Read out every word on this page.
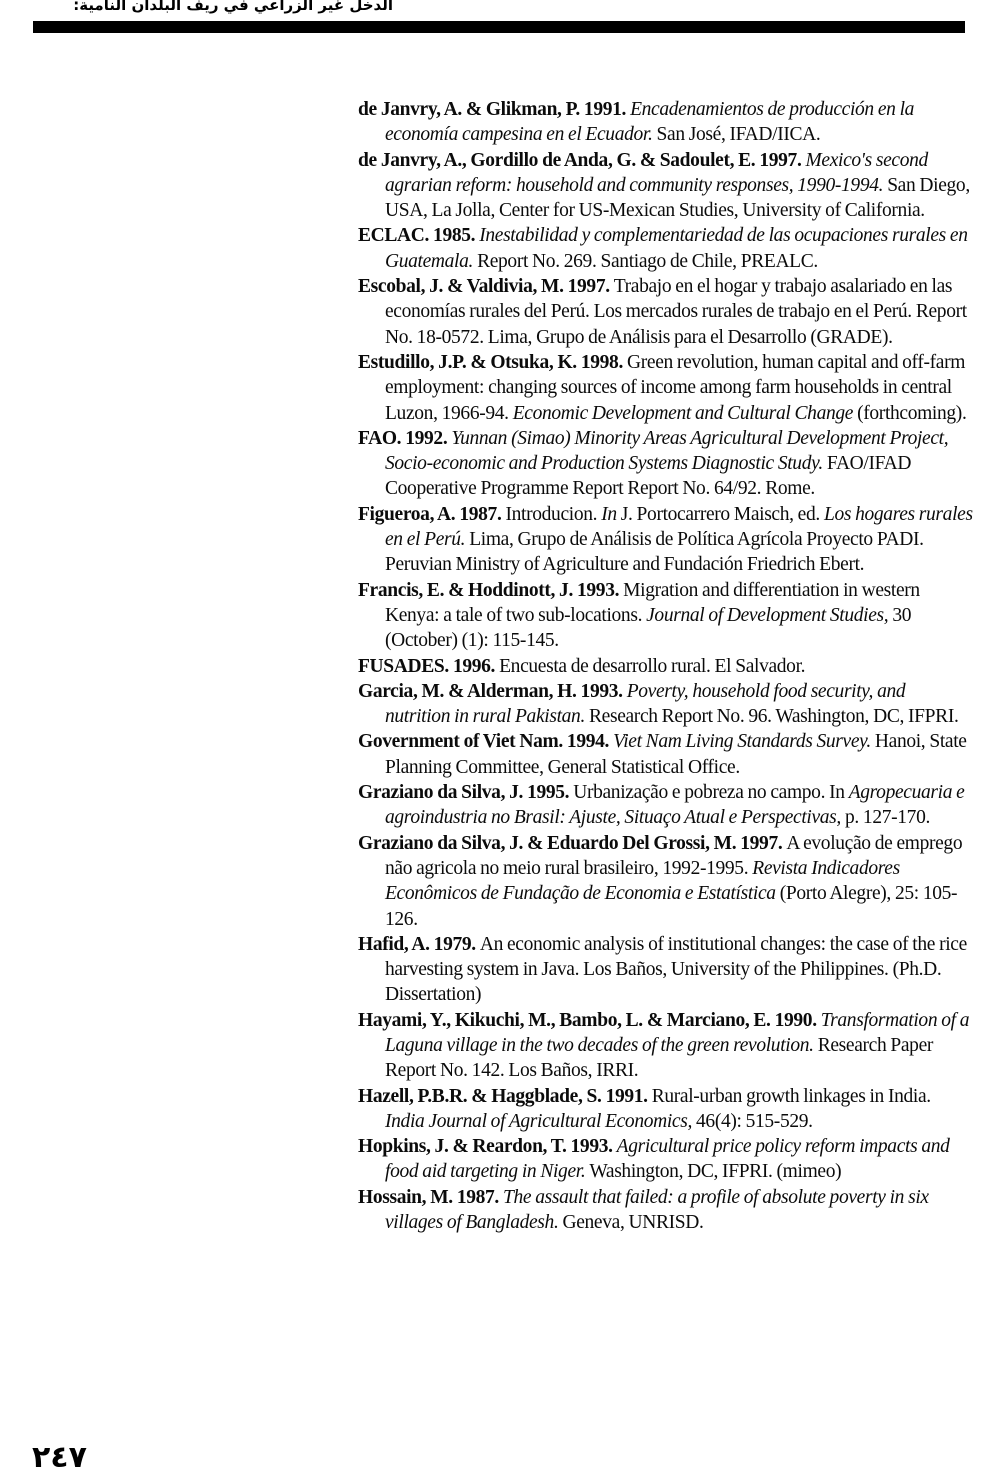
الدخل غير الزراعي في ريف البلدان النامية:

de Janvry, A. & Glikman, P. 1991. Encadenamientos de producción en la economía campesina en el Ecuador. San José, IFAD/IICA.

de Janvry, A., Gordillo de Anda, G. & Sadoulet, E. 1997. Mexico's second agrarian reform: household and community responses, 1990-1994. San Diego, USA, La Jolla, Center for US-Mexican Studies, University of California.

ECLAC. 1985. Inestabilidad y complementariedad de las ocupaciones rurales en Guatemala. Report No. 269. Santiago de Chile, PREALC.

Escobal, J. & Valdivia, M. 1997. Trabajo en el hogar y trabajo asalariado en las economías rurales del Perú. Los mercados rurales de trabajo en el Perú. Report No. 18-0572. Lima, Grupo de Análisis para el Desarrollo (GRADE).

Estudillo, J.P. & Otsuka, K. 1998. Green revolution, human capital and off-farm employment: changing sources of income among farm households in central Luzon, 1966-94. Economic Development and Cultural Change (forthcoming).

FAO. 1992. Yunnan (Simao) Minority Areas Agricultural Development Project, Socio-economic and Production Systems Diagnostic Study. FAO/IFAD Cooperative Programme Report Report No. 64/92. Rome.

Figueroa, A. 1987. Introducion. In J. Portocarrero Maisch, ed. Los hogares rurales en el Perú. Lima, Grupo de Análisis de Política Agrícola Proyecto PADI. Peruvian Ministry of Agriculture and Fundación Friedrich Ebert.

Francis, E. & Hoddinott, J. 1993. Migration and differentiation in western Kenya: a tale of two sub-locations. Journal of Development Studies, 30 (October) (1): 115-145.

FUSADES. 1996. Encuesta de desarrollo rural. El Salvador.

Garcia, M. & Alderman, H. 1993. Poverty, household food security, and nutrition in rural Pakistan. Research Report No. 96. Washington, DC, IFPRI.

Government of Viet Nam. 1994. Viet Nam Living Standards Survey. Hanoi, State Planning Committee, General Statistical Office.

Graziano da Silva, J. 1995. Urbanização e pobreza no campo. In Agropecuaria e agroindustria no Brasil: Ajuste, Situaço Atual e Perspectivas, p. 127-170.

Graziano da Silva, J. & Eduardo Del Grossi, M. 1997. A evolução de emprego não agricola no meio rural brasileiro, 1992-1995. Revista Indicadores Econômicos de Fundação de Economia e Estatística (Porto Alegre), 25: 105-126.

Hafid, A. 1979. An economic analysis of institutional changes: the case of the rice harvesting system in Java. Los Baños, University of the Philippines. (Ph.D. Dissertation)

Hayami, Y., Kikuchi, M., Bambo, L. & Marciano, E. 1990. Transformation of a Laguna village in the two decades of the green revolution. Research Paper Report No. 142. Los Baños, IRRI.

Hazell, P.B.R. & Haggblade, S. 1991. Rural-urban growth linkages in India. India Journal of Agricultural Economics, 46(4): 515-529.

Hopkins, J. & Reardon, T. 1993. Agricultural price policy reform impacts and food aid targeting in Niger. Washington, DC, IFPRI. (mimeo)

Hossain, M. 1987. The assault that failed: a profile of absolute poverty in six villages of Bangladesh. Geneva, UNRISD.

٢٤٧
